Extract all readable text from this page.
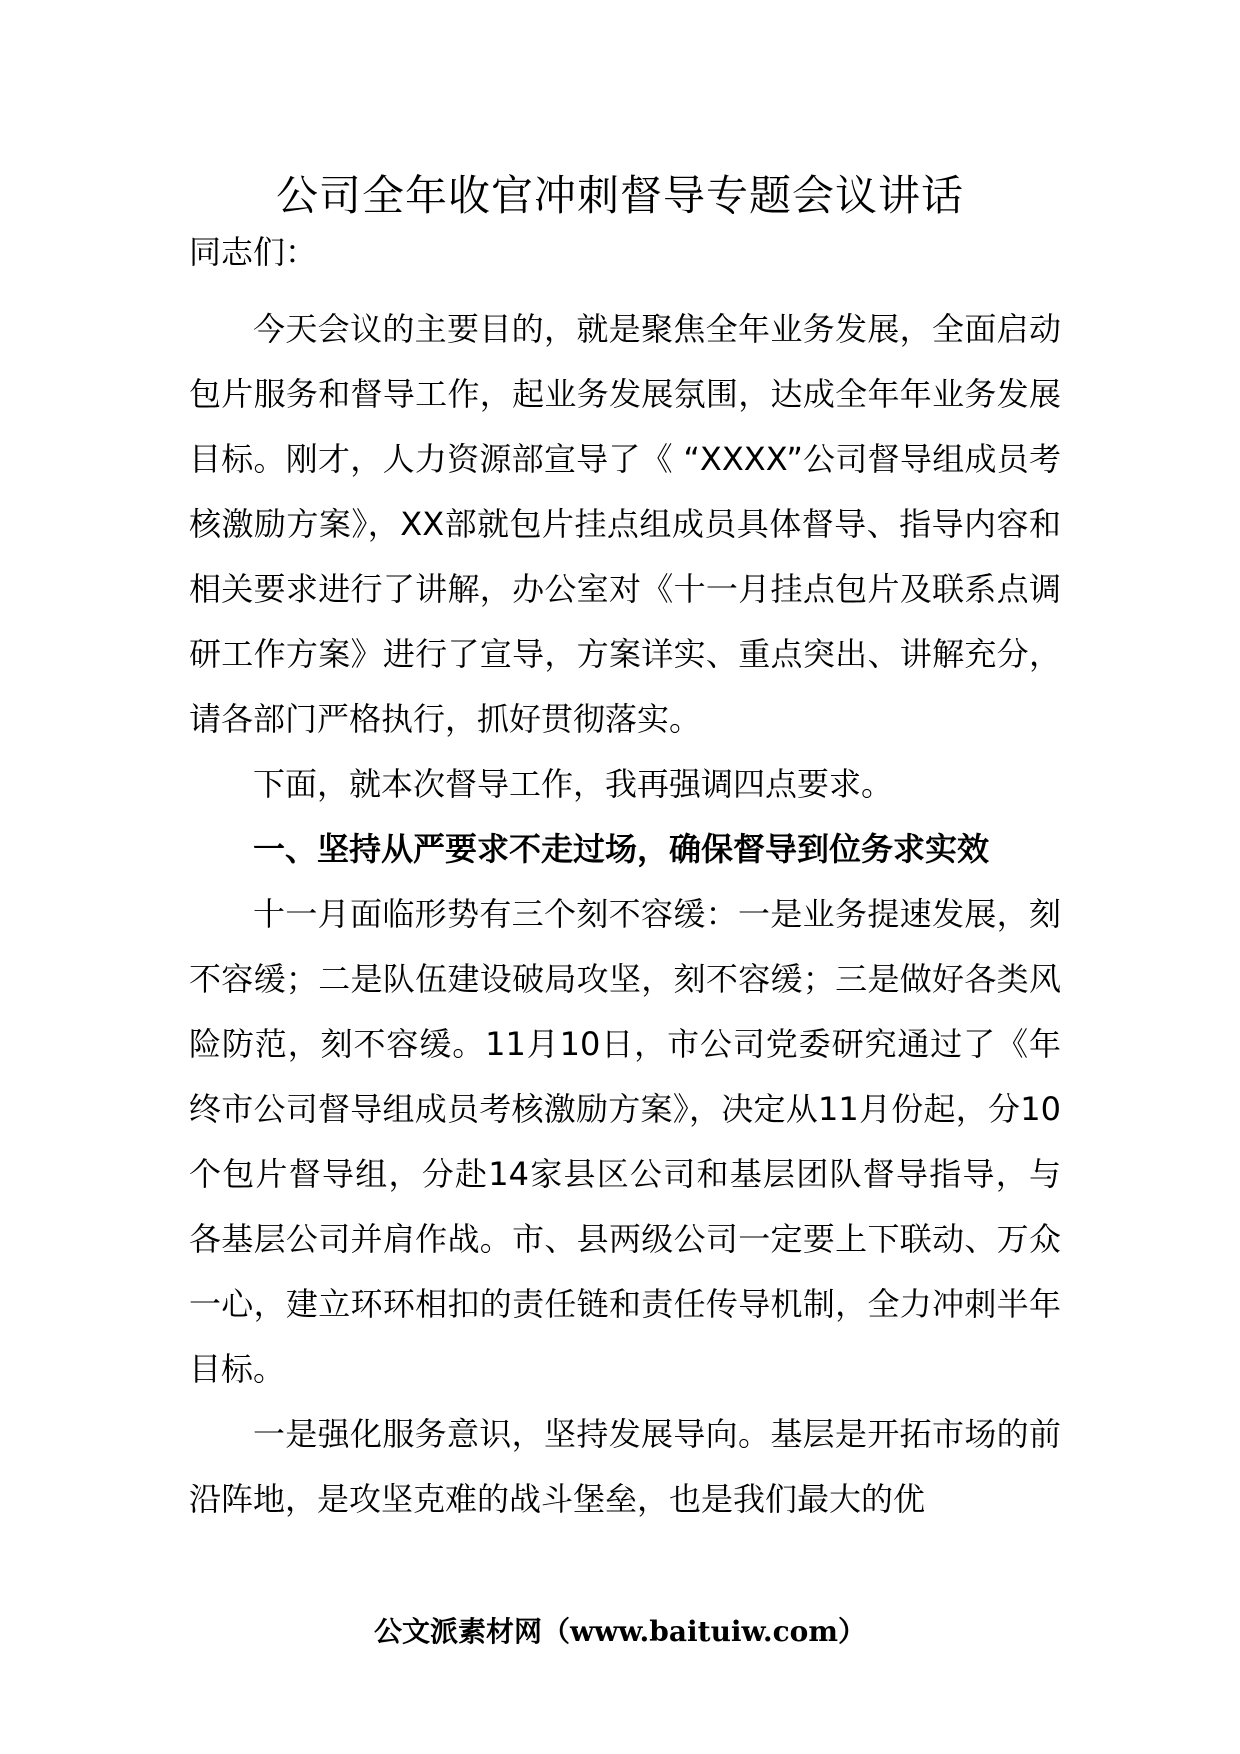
公司全年收官冲刺督导专题会议讲话

同志们：

今天会议的主要目的，就是聚焦全年业务发展，全面启动包片服务和督导工作，起业务发展氛围，达成全年年业务发展目标。刚才，人力资源部宣导了《 “XXXX”公司督导组成员考核激励方案》，XX部就包片挂点组成员具体督导、指导内容和相关要求进行了讲解，办公室对《十一月挂点包片及联系点调研工作方案》进行了宣导，方案详实、重点突出、讲解充分，请各部门严格执行，抓好贯彻落实。

下面，就本次督导工作，我再强调四点要求。

一、坚持从严要求不走过场，确保督导到位务求实效

十一月面临形势有三个刻不容缓：一是业务提速发展，刻不容缓；二是队伍建设破局攻坚，刻不容缓；三是做好各类风险防范，刻不容缓。11月10日，市公司党委研究通过了《年终市公司督导组成员考核激励方案》，决定从11月份起，分10个包片督导组，分赴14家县区公司和基层团队督导指导，与各基层公司并肩作战。市、县两级公司一定要上下联动、万众一心，建立环环相扣的责任链和责任传导机制，全力冲刺半年目标。

一是强化服务意识，坚持发展导向。基层是开拓市场的前沿阵地，是攻坚克难的战斗堡垒，也是我们最大的优

公文派素材网（www.baituiw.com）
